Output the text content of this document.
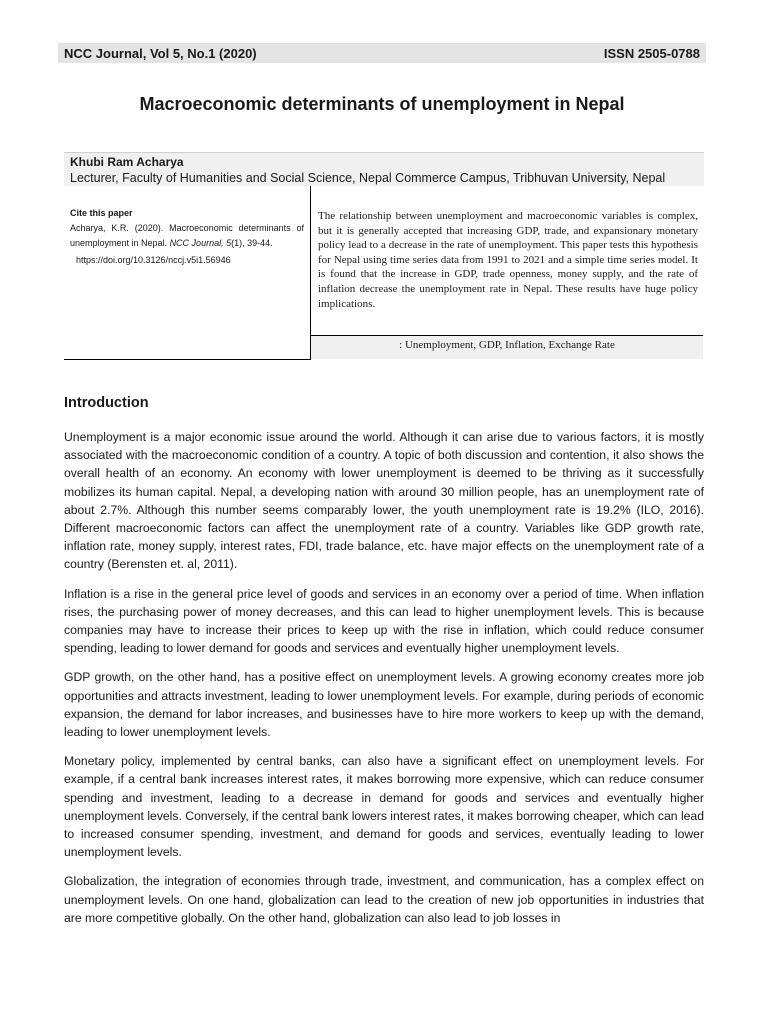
NCC Journal, Vol 5, No.1 (2020)	ISSN 2505-0788
Macroeconomic determinants of unemployment in Nepal
Khubi Ram Acharya
Lecturer, Faculty of Humanities and Social Science, Nepal Commerce Campus, Tribhuvan University, Nepal
Cite this paper
Acharya, K.R. (2020). Macroeconomic determinants of unemployment in Nepal. NCC Journal, 5(1), 39-44.
https://doi.org/10.3126/nccj.v5i1.56946
The relationship between unemployment and macroeconomic variables is complex, but it is generally accepted that increasing GDP, trade, and expansionary monetary policy lead to a decrease in the rate of unemployment. This paper tests this hypothesis for Nepal using time series data from 1991 to 2021 and a simple time series model. It is found that the increase in GDP, trade openness, money supply, and the rate of inflation decrease the unemployment rate in Nepal. These results have huge policy implications.
: Unemployment, GDP, Inflation, Exchange Rate
Introduction

Unemployment is a major economic issue around the world. Although it can arise due to various factors, it is mostly associated with the macroeconomic condition of a country. A topic of both discussion and contention, it also shows the overall health of an economy. An economy with lower unemployment is deemed to be thriving as it successfully mobilizes its human capital. Nepal, a developing nation with around 30 million people, has an unemployment rate of about 2.7%. Although this number seems comparably lower, the youth unemployment rate is 19.2% (ILO, 2016). Different macroeconomic factors can affect the unemployment rate of a country. Variables like GDP growth rate, inflation rate, money supply, interest rates, FDI, trade balance, etc. have major effects on the unemployment rate of a country (Berensten et. al, 2011).

Inflation is a rise in the general price level of goods and services in an economy over a period of time. When inflation rises, the purchasing power of money decreases, and this can lead to higher unemployment levels. This is because companies may have to increase their prices to keep up with the rise in inflation, which could reduce consumer spending, leading to lower demand for goods and services and eventually higher unemployment levels.

GDP growth, on the other hand, has a positive effect on unemployment levels. A growing economy creates more job opportunities and attracts investment, leading to lower unemployment levels. For example, during periods of economic expansion, the demand for labor increases, and businesses have to hire more workers to keep up with the demand, leading to lower unemployment levels.

Monetary policy, implemented by central banks, can also have a significant effect on unemployment levels. For example, if a central bank increases interest rates, it makes borrowing more expensive, which can reduce consumer spending and investment, leading to a decrease in demand for goods and services and eventually higher unemployment levels. Conversely, if the central bank lowers interest rates, it makes borrowing cheaper, which can lead to increased consumer spending, investment, and demand for goods and services, eventually leading to lower unemployment levels.

Globalization, the integration of economies through trade, investment, and communication, has a complex effect on unemployment levels. On one hand, globalization can lead to the creation of new job opportunities in industries that are more competitive globally. On the other hand, globalization can also lead to job losses in
